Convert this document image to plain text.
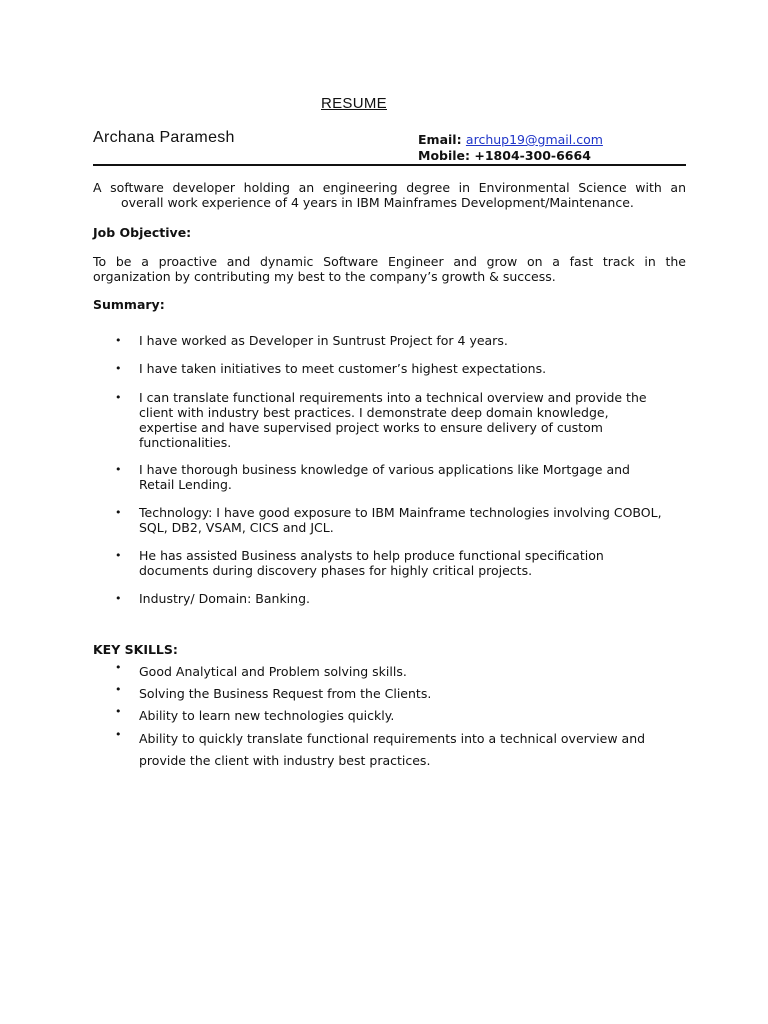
RESUME
Archana Paramesh	Email: archup19@gmail.com
Mobile: +1804-300-6664
A software developer holding an engineering degree in Environmental Science with an
overall work experience of 4 years in IBM Mainframes Development/Maintenance.
Job Objective:
To be a proactive and dynamic Software Engineer and grow on a fast track in the
organization by contributing my best to the company’s growth & success.
Summary:
• I have worked as Developer in Suntrust Project for 4 years.
• I have taken initiatives to meet customer’s highest expectations.
• I can translate functional requirements into a technical overview and provide the client with industry best practices. I demonstrate deep domain knowledge, expertise and have supervised project works to ensure delivery of custom functionalities.
• I have thorough business knowledge of various applications like Mortgage and Retail Lending.
• Technology: I have good exposure to IBM Mainframe technologies involving COBOL, SQL, DB2, VSAM, CICS and JCL.
• He has assisted Business analysts to help produce functional specification documents during discovery phases for highly critical projects.
• Industry/ Domain: Banking.
KEY SKILLS:
• Good Analytical and Problem solving skills.
• Solving the Business Request from the Clients.
• Ability to learn new technologies quickly.
• Ability to quickly translate functional requirements into a technical overview and provide the client with industry best practices.
